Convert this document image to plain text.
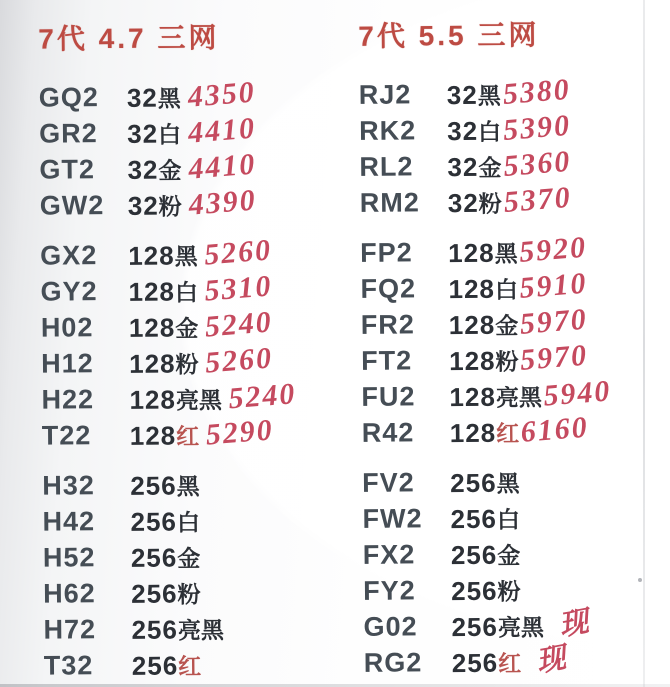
7代 4.7 三网
GQ2	32 黑 4350
GR2	32 白 4410
GT2	32 金 4410
GW2 32 粉 4390
GX2	128 黑 5260
GY2	128 白 5310
H02	128 金 5240
H12	128 粉 5260
H22	128 亮黑 5240
T22	128 红 5290
H32	256 黑
H42	256 白
H52	256 金
H62	256 粉
H72	256 亮黑
T32	256 红
7代 5.5 三网
RJ2	32 黑 5380
RK2	32 白 5390
RL2	32 金 5360
RM2	32 粉 5370
FP2	128 黑 5920
FQ2	128 白 5910
FR2	128 金 5970
FT2	128 粉 5970
FU2	128 亮黑 5940
R42	128 红 6160
FV2	256 黑
FW2	256 白
FX2	256 金
FY2	256 粉
G02	256 亮黑 现
RG2	256 红 现
